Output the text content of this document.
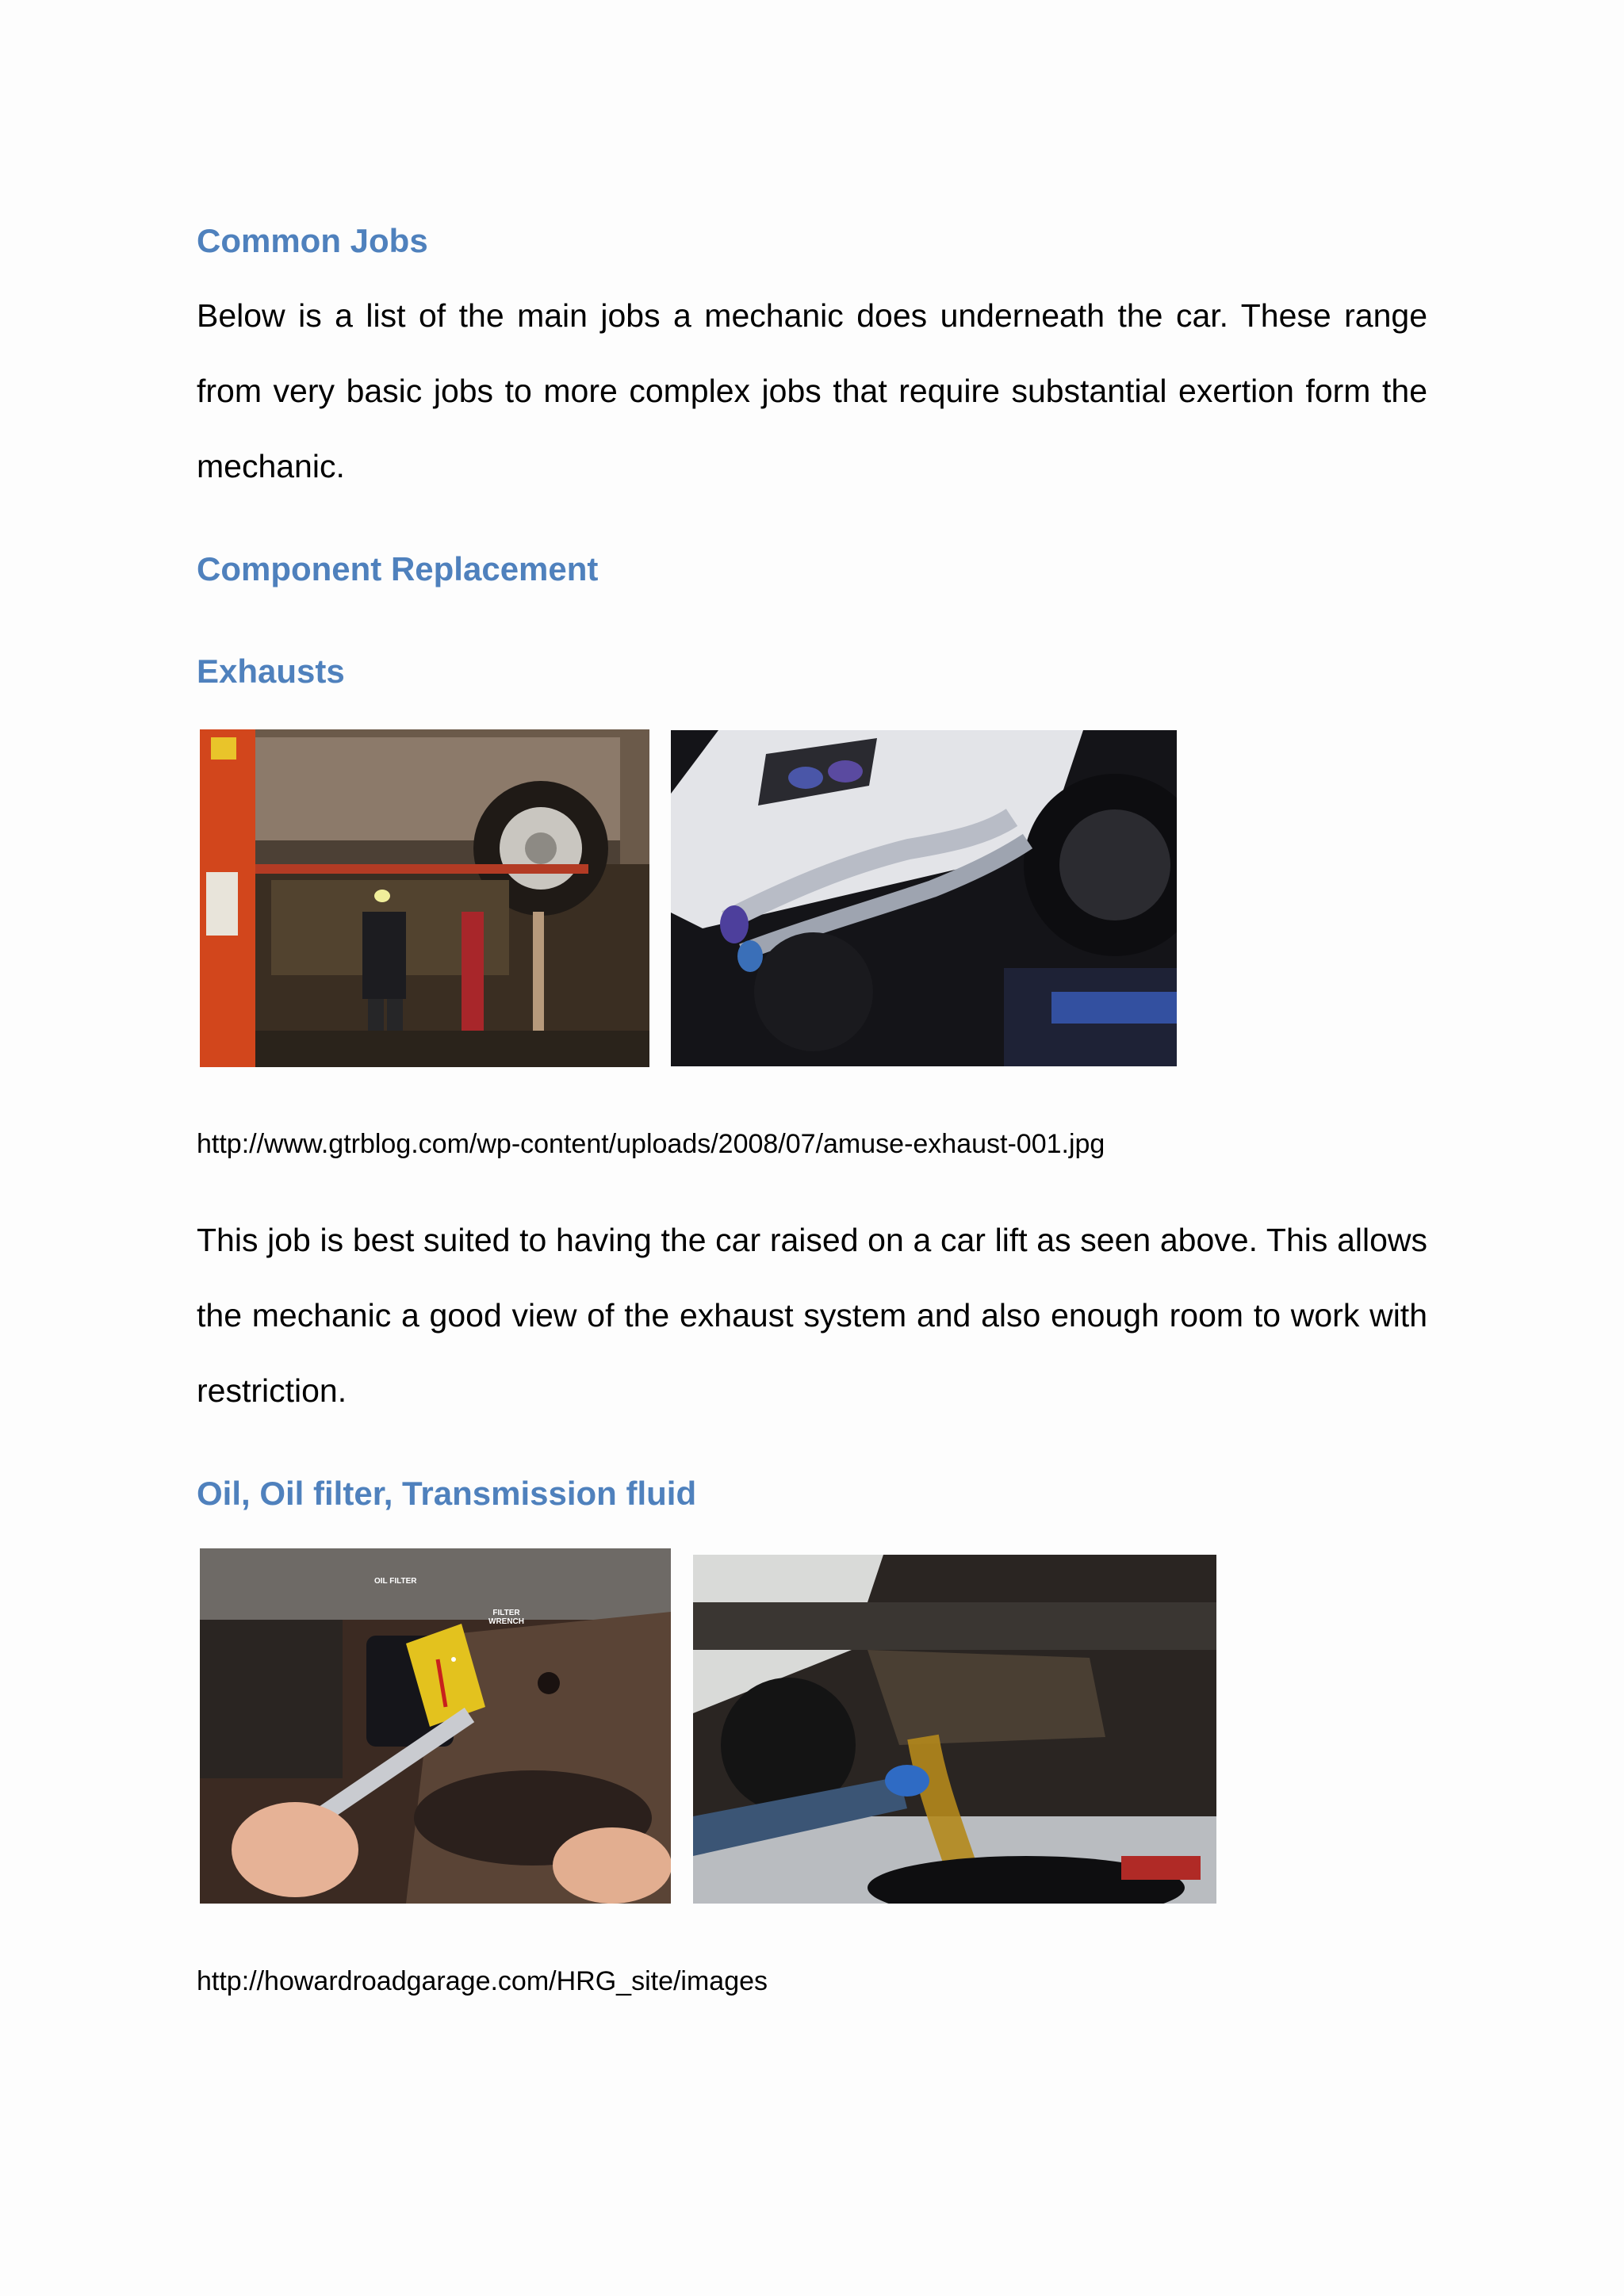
Common Jobs

Below is a list of the main jobs a mechanic does underneath the car. These range from very basic jobs to more complex jobs that require substantial exertion form the mechanic.

Component Replacement
Exhausts

http://www.gtrblog.com/wp-content/uploads/2008/07/amuse-exhaust-001.jpg

This job is best suited to having the car raised on a car lift as seen above. This allows the mechanic a good view of the exhaust system and also enough room to work with restriction.

Oil, Oil filter, Transmission fluid
OIL FILTER
FILTER
WRENCH

http://howardroadgarage.com/HRG_site/images
